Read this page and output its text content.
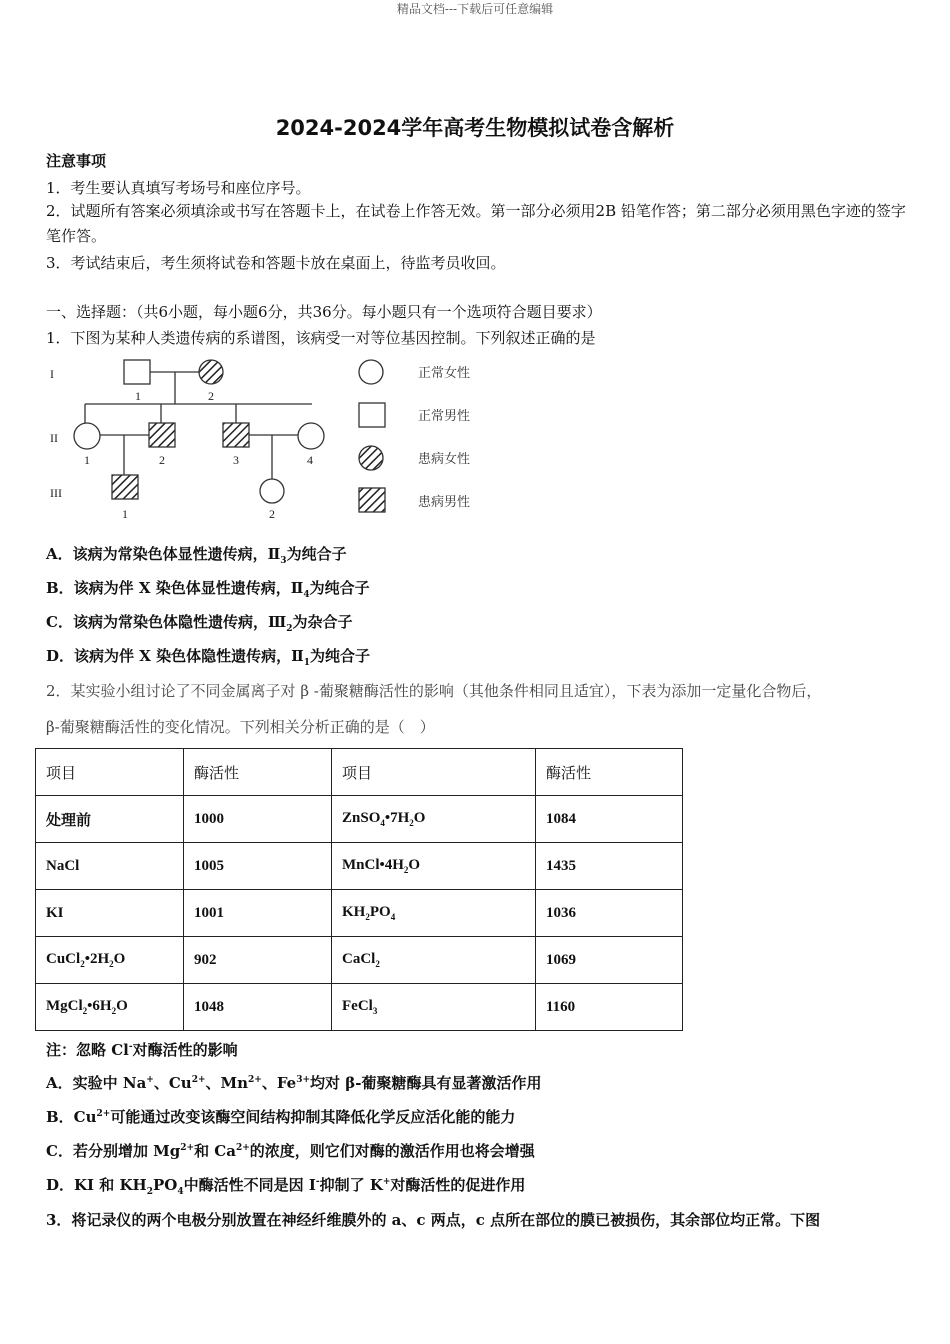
精品文档---下载后可任意编辑
2024-2024学年高考生物模拟试卷含解析
注意事项
1．考生要认真填写考场号和座位序号。
2．试题所有答案必须填涂或书写在答题卡上，在试卷上作答无效。第一部分必须用2B 铅笔作答；第二部分必须用黑色字迹的签字笔作答。
3．考试结束后，考生须将试卷和答题卡放在桌面上，待监考员收回。
一、选择题：（共6小题，每小题6分，共36分。每小题只有一个选项符合题目要求）
1．下图为某种人类遗传病的系谱图，该病受一对等位基因控制。下列叙述正确的是
I
II
III
1	2
1	2	3	4
1	2
正常女性
正常男性
患病女性
患病男性
A．该病为常染色体显性遗传病，$Ⅱ_3$为纯合子
B．该病为伴 X 染色体显性遗传病，$Ⅱ_4$为纯合子
C．该病为常染色体隐性遗传病，$Ⅲ_2$为杂合子
D．该病为伴 X 染色体隐性遗传病，$Ⅱ_1$为纯合子
2．某实验小组讨论了不同金属离子对 β -葡聚糖酶活性的影响（其他条件相同且适宜），下表为添加一定量化合物后，
β-葡聚糖酶活性的变化情况。下列相关分析正确的是（　）
项目	酶活性	项目	酶活性
处理前	1000	$ZnSO_4•7H_2O$	1084
NaCl	1005	$MnCl•4H_2O$	1435
KI	1001	$KH_2PO_4$	1036
$CuCl_2•2H_2O$	902	CaCl$_2$	1069
$MgCl_2•6H_2O$	1048	FeCl$_3$	1160
注：忽略 Cl-对酶活性的影响
A．实验中 Na+、$Cu^{2+}$、$Mn^{2+}$、$Fe^{3+}$均对 β-葡聚糖酶具有显著激活作用
B．$Cu^{2+}$可能通过改变该酶空间结构抑制其降低化学反应活化能的能力
C．若分别增加 $Mg^{2+}$和 $Ca^{2+}$的浓度，则它们对酶的激活作用也将会增强
D．KI 和 $KH_2PO_4$中酶活性不同是因 I-抑制了 K+对酶活性的促进作用
3．将记录仪的两个电极分别放置在神经纤维膜外的 a、c 两点，c 点所在部位的膜已被损伤，其余部位均正常。下图
